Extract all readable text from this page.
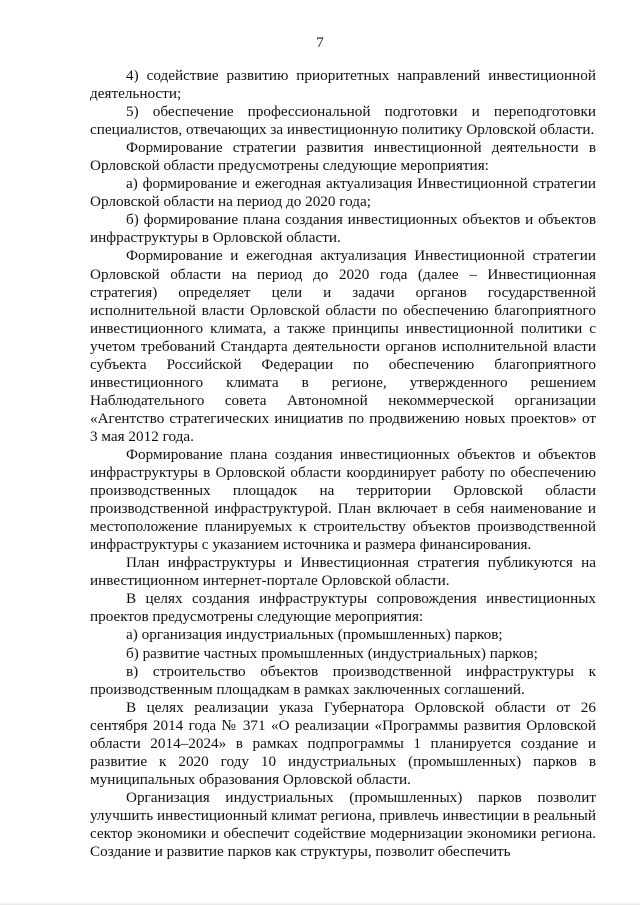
7

4) содействие развитию приоритетных направлений инвестиционной деятельности;

5) обеспечение профессиональной подготовки и переподготовки специалистов, отвечающих за инвестиционную политику Орловской области.

Формирование стратегии развития инвестиционной деятельности в Орловской области предусмотрены следующие мероприятия:

а) формирование и ежегодная актуализация Инвестиционной стратегии Орловской области на период до 2020 года;

б) формирование плана создания инвестиционных объектов и объектов инфраструктуры в Орловской области.

Формирование и ежегодная актуализация Инвестиционной стратегии Орловской области на период до 2020 года (далее – Инвестиционная стратегия) определяет цели и задачи органов государственной исполнительной власти Орловской области по обеспечению благоприятного инвестиционного климата, а также принципы инвестиционной политики с учетом требований Стандарта деятельности органов исполнительной власти субъекта Российской Федерации по обеспечению благоприятного инвестиционного климата в регионе, утвержденного решением Наблюдательного совета Автономной некоммерческой организации «Агентство стратегических инициатив по продвижению новых проектов» от 3 мая 2012 года.

Формирование плана создания инвестиционных объектов и объектов инфраструктуры в Орловской области координирует работу по обеспечению производственных площадок на территории Орловской области производственной инфраструктурой. План включает в себя наименование и местоположение планируемых к строительству объектов производственной инфраструктуры с указанием источника и размера финансирования.

План инфраструктуры и Инвестиционная стратегия публикуются на инвестиционном интернет-портале Орловской области.

В целях создания инфраструктуры сопровождения инвестиционных проектов предусмотрены следующие мероприятия:

а) организация индустриальных (промышленных) парков;

б) развитие частных промышленных (индустриальных) парков;

в) строительство объектов производственной инфраструктуры к производственным площадкам в рамках заключенных соглашений.

В целях реализации указа Губернатора Орловской области от 26 сентября 2014 года № 371 «О реализации «Программы развития Орловской области 2014–2024» в рамках подпрограммы 1 планируется создание и развитие к 2020 году 10 индустриальных (промышленных) парков в муниципальных образования Орловской области.

Организация индустриальных (промышленных) парков позволит улучшить инвестиционный климат региона, привлечь инвестиции в реальный сектор экономики и обеспечит содействие модернизации экономики региона. Создание и развитие парков как структуры, позволит обеспечить
